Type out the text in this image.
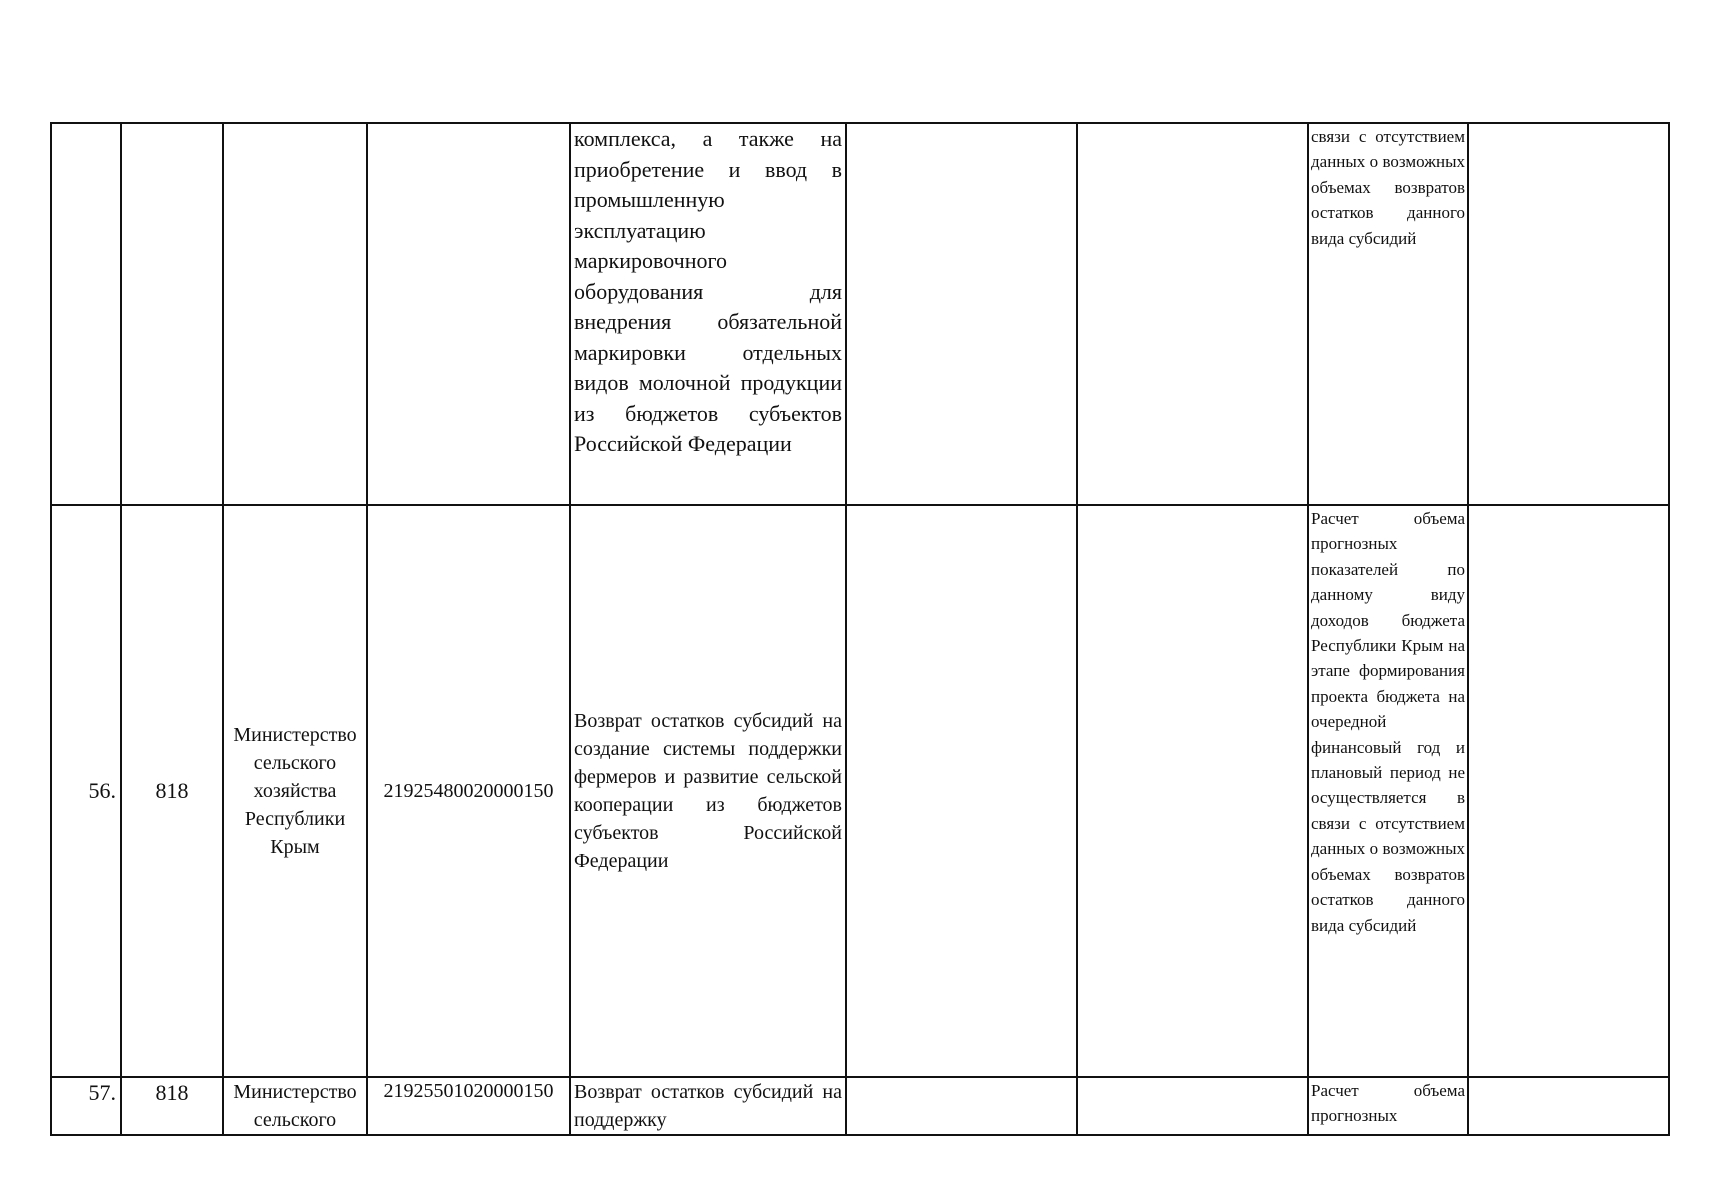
				комплекса, а также на приобретение и ввод в промышленную эксплуатацию маркировочного оборудования для внедрения обязательной маркировки отдельных видов молочной продукции из бюджетов субъектов Российской Федерации			связи с отсутствием данных о возможных объемах возвратов остатков данного вида субсидий	
56.	818	Министерство сельского хозяйства Республики Крым	21925480020000150	Возврат остатков субсидий на создание системы поддержки фермеров и развитие сельской кооперации из бюджетов субъектов Российской Федерации			Расчет объема прогнозных показателей по данному виду доходов бюджета Республики Крым на этапе формирования проекта бюджета на очередной финансовый год и плановый период не осуществляется в связи с отсутствием данных о возможных объемах возвратов остатков данного вида субсидий	
57.	818	Министерство сельского	21925501020000150	Возврат остатков субсидий на поддержку			Расчет объема прогнозных	
